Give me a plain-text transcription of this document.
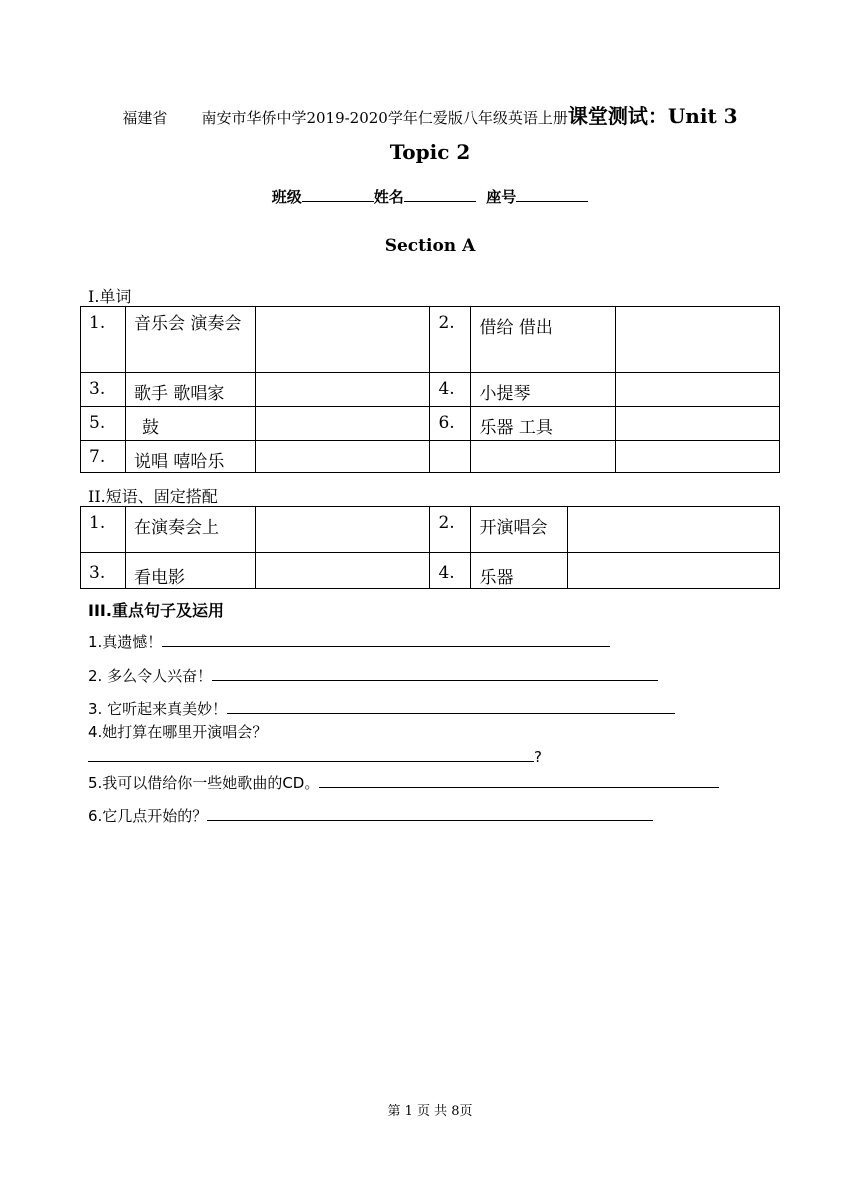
福建省 南安市华侨中学2019-2020学年仁爱版八年级英语上册课堂测试：Unit 3
Topic 2
班级	姓名	座号
Section A
I.单词
1.	音乐会 演奏会		2.	借给 借出	
3.	歌手 歌唱家		4.	小提琴	
5.	鼓		6.	乐器 工具	
7.	说唱 嘻哈乐				
II.短语、固定搭配
1.	在演奏会上		2.	开演唱会	
3.	看电影		4.	乐器	
III.重点句子及运用
1.真遗憾！
2. 多么令人兴奋！
3. 它听起来真美妙！
4.她打算在哪里开演唱会？
?
5.我可以借给你一些她歌曲的CD。
6.它几点开始的？
第 1 页 共 8页
